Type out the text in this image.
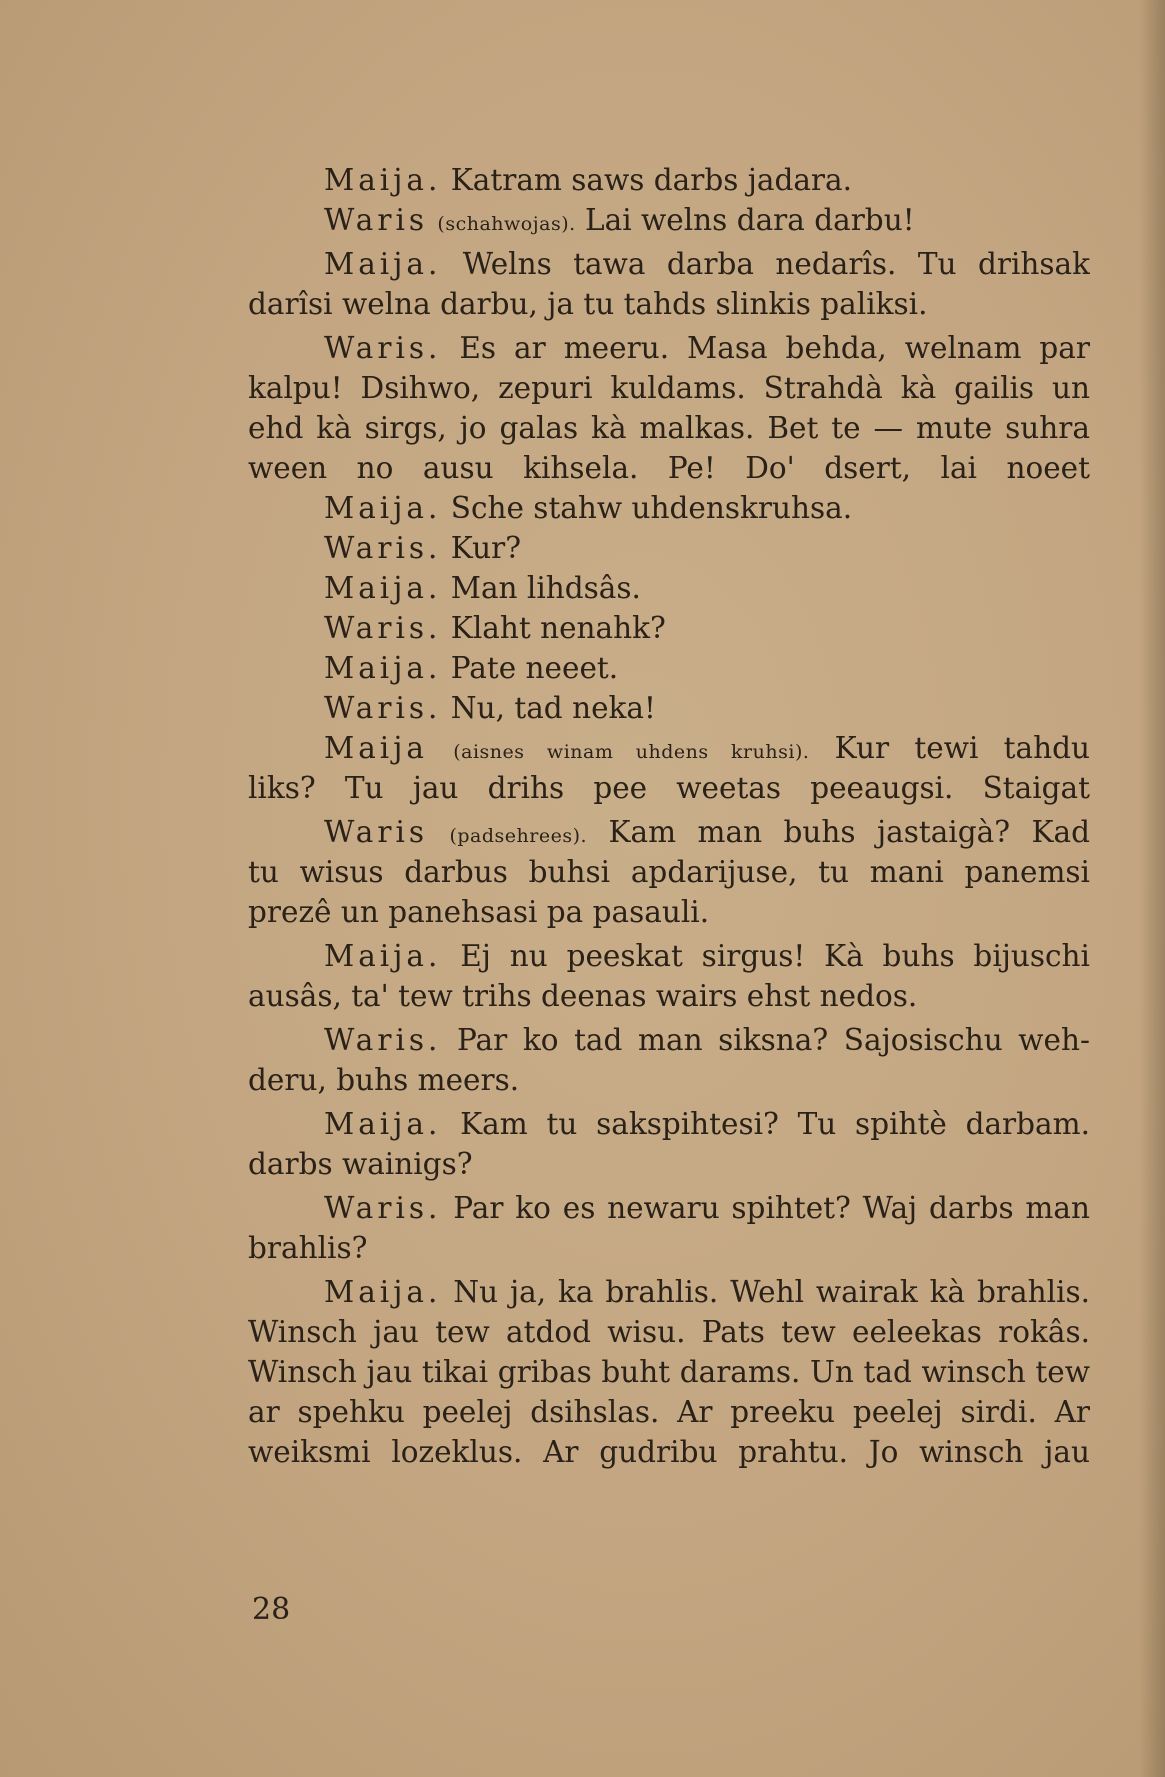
Maija. Katram saws darbs jadara.
Waris (schahwojas). Lai welns dara darbu!
Maija. Welns tawa darba nedarîs. Tu drihsak
darîsi welna darbu, ja tu tahds slinkis paliksi.
Waris. Es ar meeru. Masa behda, welnam par
kalpu! Dsihwo, zepuri kuldams. Strahdà kà gailis un
ehd kà sirgs, jo galas kà malkas. Bet te — mute suhra
ween no ausu kihsela. Pe! Do' dsert, lai noeet
Maija. Sche stahw uhdenskruhsa.
Waris. Kur?
Maija. Man lihdsâs.
Waris. Klaht nenahk?
Maija. Pate neeet.
Waris. Nu, tad neka!
Maija (aisnes winam uhdens kruhsi). Kur tewi tahdu
liks? Tu jau drihs pee weetas peeaugsi. Staigat
Waris (padsehrees). Kam man buhs jastaigà? Kad
tu wisus darbus buhsi apdarijuse, tu mani panemsi
prezê un panehsasi pa pasauli.
Maija. Ej nu peeskat sirgus! Kà buhs bijuschi
ausâs, ta' tew trihs deenas wairs ehst nedos.
Waris. Par ko tad man siksna? Sajosischu weh-
deru, buhs meers.
Maija. Kam tu sakspihtesi? Tu spihtè darbam.
darbs wainigs?
Waris. Par ko es newaru spihtet? Waj darbs man
brahlis?
Maija. Nu ja, ka brahlis. Wehl wairak kà brahlis.
Winsch jau tew atdod wisu. Pats tew eeleekas rokâs.
Winsch jau tikai gribas buht darams. Un tad winsch tew
ar spehku peelej dsihslas. Ar preeku peelej sirdi. Ar
weiksmi lozeklus. Ar gudribu prahtu. Jo winsch jau
28
